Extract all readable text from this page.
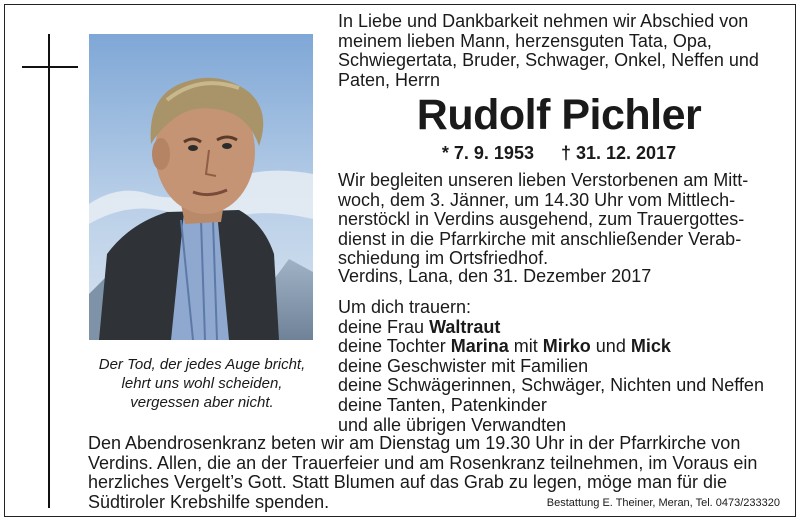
Der Tod, der jedes Auge bricht,
lehrt uns wohl scheiden,
vergessen aber nicht.
In Liebe und Dankbarkeit nehmen wir Abschied von
meinem lieben Mann, herzensguten Tata, Opa,
Schwiegertata, Bruder, Schwager, Onkel, Neffen und
Paten, Herrn
Rudolf Pichler
* 7. 9. 1953 † 31. 12. 2017
Wir begleiten unseren lieben Verstorbenen am Mitt-
woch, dem 3. Jänner, um 14.30 Uhr vom Mittlech-
nerstöckl in Verdins ausgehend, zum Trauergottes-
dienst in die Pfarrkirche mit anschließender Verab-
schiedung im Ortsfriedhof.
Verdins, Lana, den 31. Dezember 2017
Um dich trauern:
deine Frau Waltraut
deine Tochter Marina mit Mirko und Mick
deine Geschwister mit Familien
deine Schwägerinnen, Schwäger, Nichten und Neffen
deine Tanten, Patenkinder
und alle übrigen Verwandten
Den Abendrosenkranz beten wir am Dienstag um 19.30 Uhr in der Pfarrkirche von
Verdins. Allen, die an der Trauerfeier und am Rosenkranz teilnehmen, im Voraus ein
herzliches Vergelt’s Gott. Statt Blumen auf das Grab zu legen, möge man für die
Südtiroler Krebshilfe spenden.	Bestattung E. Theiner, Meran, Tel. 0473/233320
